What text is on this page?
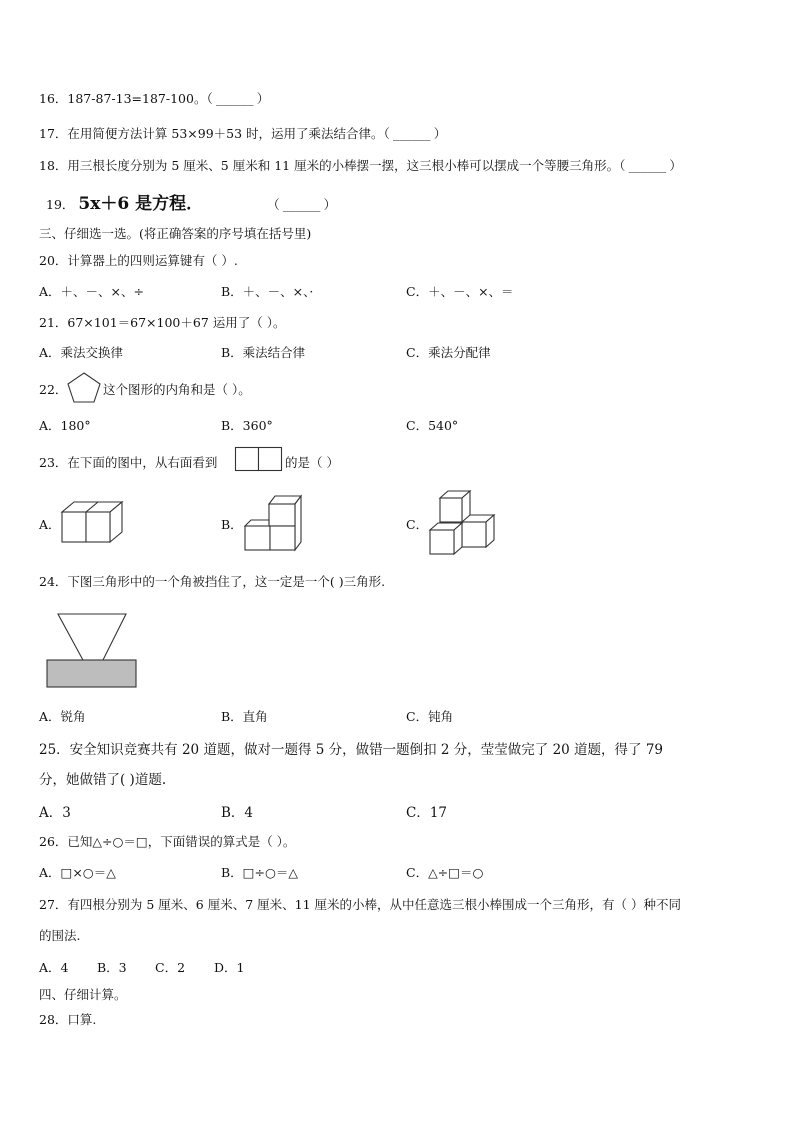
16．187-87-13=187-100。（ ______ ）
17．在用简便方法计算 53×99＋53 时，运用了乘法结合律。（ ______ ）
18．用三根长度分别为 5 厘米、5 厘米和 11 厘米的小棒摆一摆，这三根小棒可以摆成一个等腰三角形。（ ______ ）
19． 5x＋6 是方程．	（ ______ ）
三、仔细选一选。(将正确答案的序号填在括号里)
20．计算器上的四则运算键有（ ）.
A．＋、－、×、÷	B．＋、－、×、·	C．＋、－、×、＝
21．67×101＝67×100＋67 运用了（ ）。
A．乘法交换律	B．乘法结合律	C．乘法分配律
22．	这个图形的内角和是（ ）。
A．180°	B．360°	C．540°
23．在下面的图中，从右面看到	的是（ ）
A．	B．	C．
24．下图三角形中的一个角被挡住了，这一定是一个( )三角形.
A．锐角	B．直角	C．钝角
25．安全知识竞赛共有 20 道题，做对一题得 5 分，做错一题倒扣 2 分，莹莹做完了 20 道题，得了 79
分，她做错了( )道题.
A．3	B．4	C．17
26．已知△÷○＝□，下面错误的算式是（ ）。
A．□×○＝△	B．□÷○＝△	C．△÷□＝○
27．有四根分别为 5 厘米、6 厘米、7 厘米、11 厘米的小棒，从中任意选三根小棒围成一个三角形，有（ ）种不同
的围法.
A．4 B．3 C．2 D．1
四、仔细计算。
28．口算.
